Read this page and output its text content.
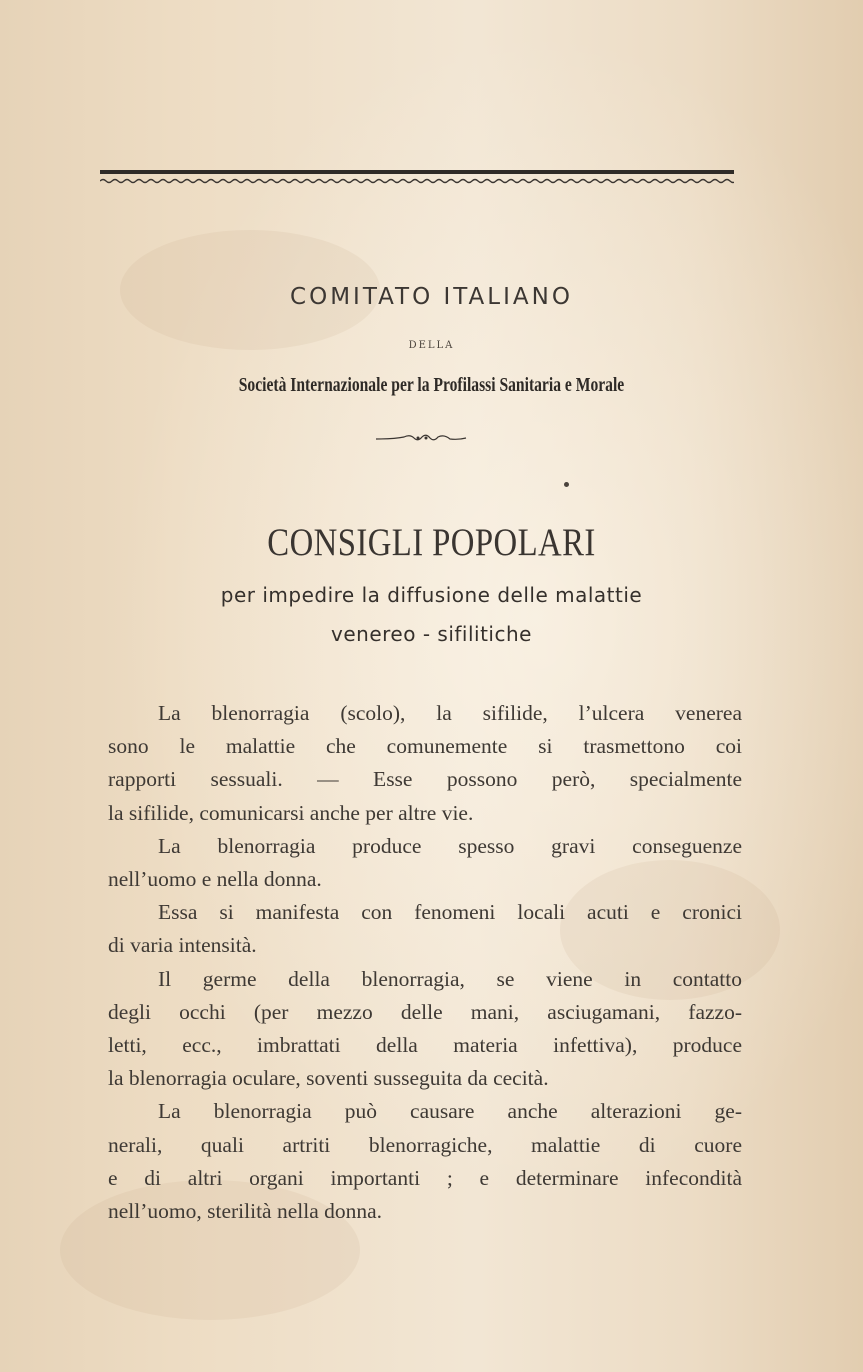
COMITATO ITALIANO
DELLA
Società Internazionale per la Profilassi Sanitaria e Morale
CONSIGLI POPOLARI
per impedire la diffusione delle malattie
venereo - sifilitiche
La blenorragia (scolo), la sifilide, l’ulcera venerea
sono le malattie che comunemente si trasmettono coi
rapporti sessuali. — Esse possono però, specialmente
la sifilide, comunicarsi anche per altre vie.
La blenorragia produce spesso gravi conseguenze
nell’uomo e nella donna.
Essa si manifesta con fenomeni locali acuti e cronici
di varia intensità.
Il germe della blenorragia, se viene in contatto
degli occhi (per mezzo delle mani, asciugamani, fazzo-
letti, ecc., imbrattati della materia infettiva), produce
la blenorragia oculare, soventi susseguita da cecità.
La blenorragia può causare anche alterazioni ge-
nerali, quali artriti blenorragiche, malattie di cuore
e di altri organi importanti ; e determinare infecondità
nell’uomo, sterilità nella donna.
